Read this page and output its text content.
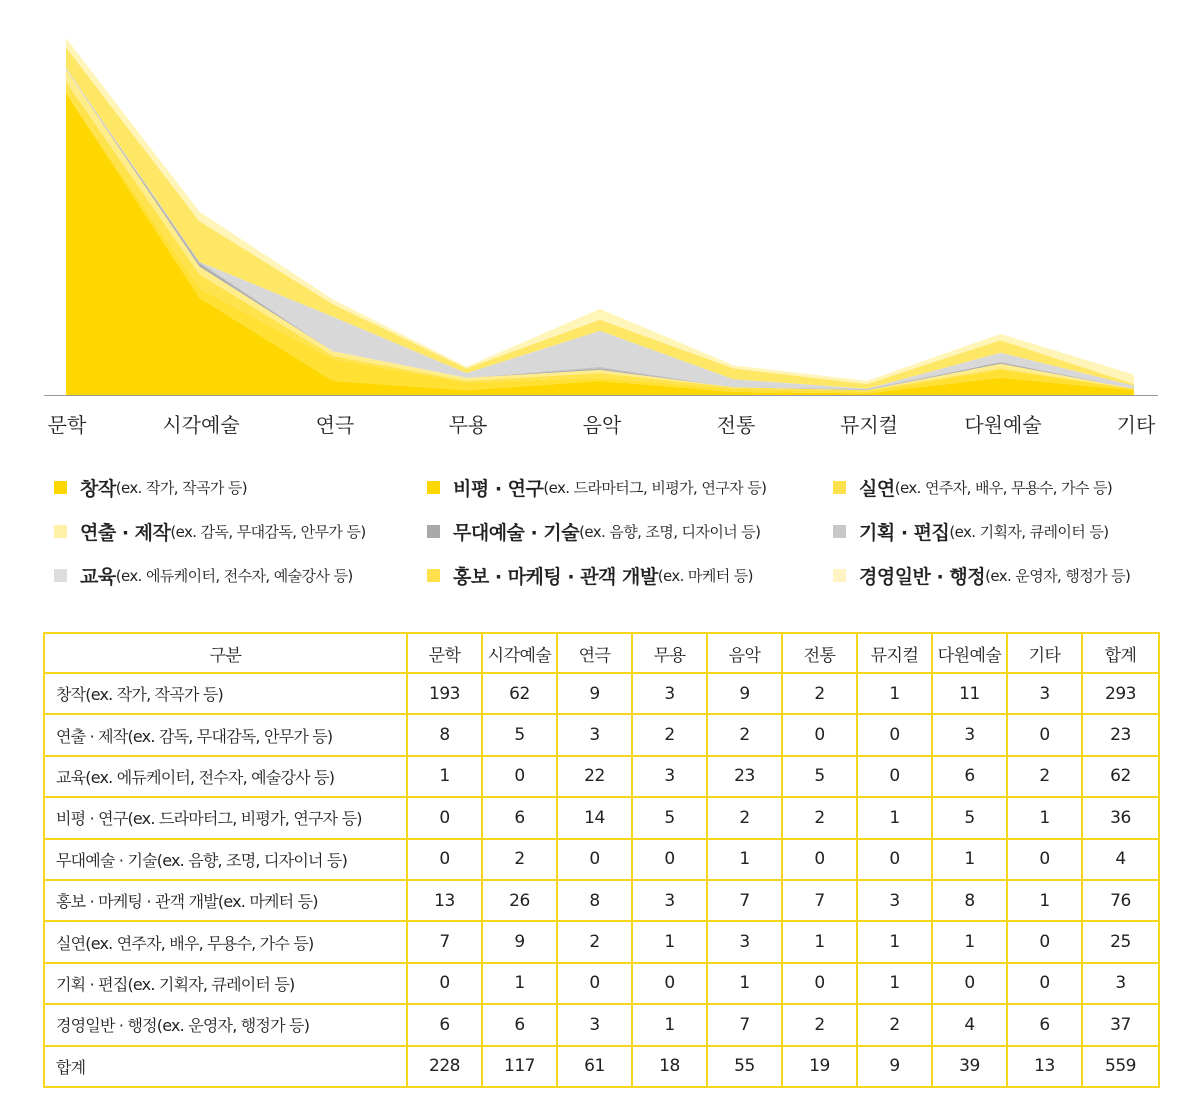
문학	시각예술	연극	무용	음악	전통	뮤지컬	다원예술	기타
창작 (ex. 작가, 작곡가 등)	비평 · 연구 (ex. 드라마터그, 비평가, 연구자 등)	실연 (ex. 연주자, 배우, 무용수, 가수 등)
연출 · 제작 (ex. 감독, 무대감독, 안무가 등)	무대예술 · 기술 (ex. 음향, 조명, 디자이너 등)	기획 · 편집 (ex. 기획자, 큐레이터 등)
교육 (ex. 에듀케이터, 전수자, 예술강사 등)	홍보 · 마케팅 · 관객 개발 (ex. 마케터 등)	경영일반 · 행정 (ex. 운영자, 행정가 등)
구분	문학	시각예술	연극	무용	음악	전통	뮤지컬	다원예술	기타	합계
창작(ex. 작가, 작곡가 등)	193	62	9	3	9	2	1	11	3	293
연출 · 제작(ex. 감독, 무대감독, 안무가 등)	8	5	3	2	2	0	0	3	0	23
교육(ex. 에듀케이터, 전수자, 예술강사 등)	1	0	22	3	23	5	0	6	2	62
비평 · 연구(ex. 드라마터그, 비평가, 연구자 등)	0	6	14	5	2	2	1	5	1	36
무대예술 · 기술(ex. 음향, 조명, 디자이너 등)	0	2	0	0	1	0	0	1	0	4
홍보 · 마케팅 · 관객 개발(ex. 마케터 등)	13	26	8	3	7	7	3	8	1	76
실연(ex. 연주자, 배우, 무용수, 가수 등)	7	9	2	1	3	1	1	1	0	25
기획 · 편집(ex. 기획자, 큐레이터 등)	0	1	0	0	1	0	1	0	0	3
경영일반 · 행정(ex. 운영자, 행정가 등)	6	6	3	1	7	2	2	4	6	37
합계	228	117	61	18	55	19	9	39	13	559
